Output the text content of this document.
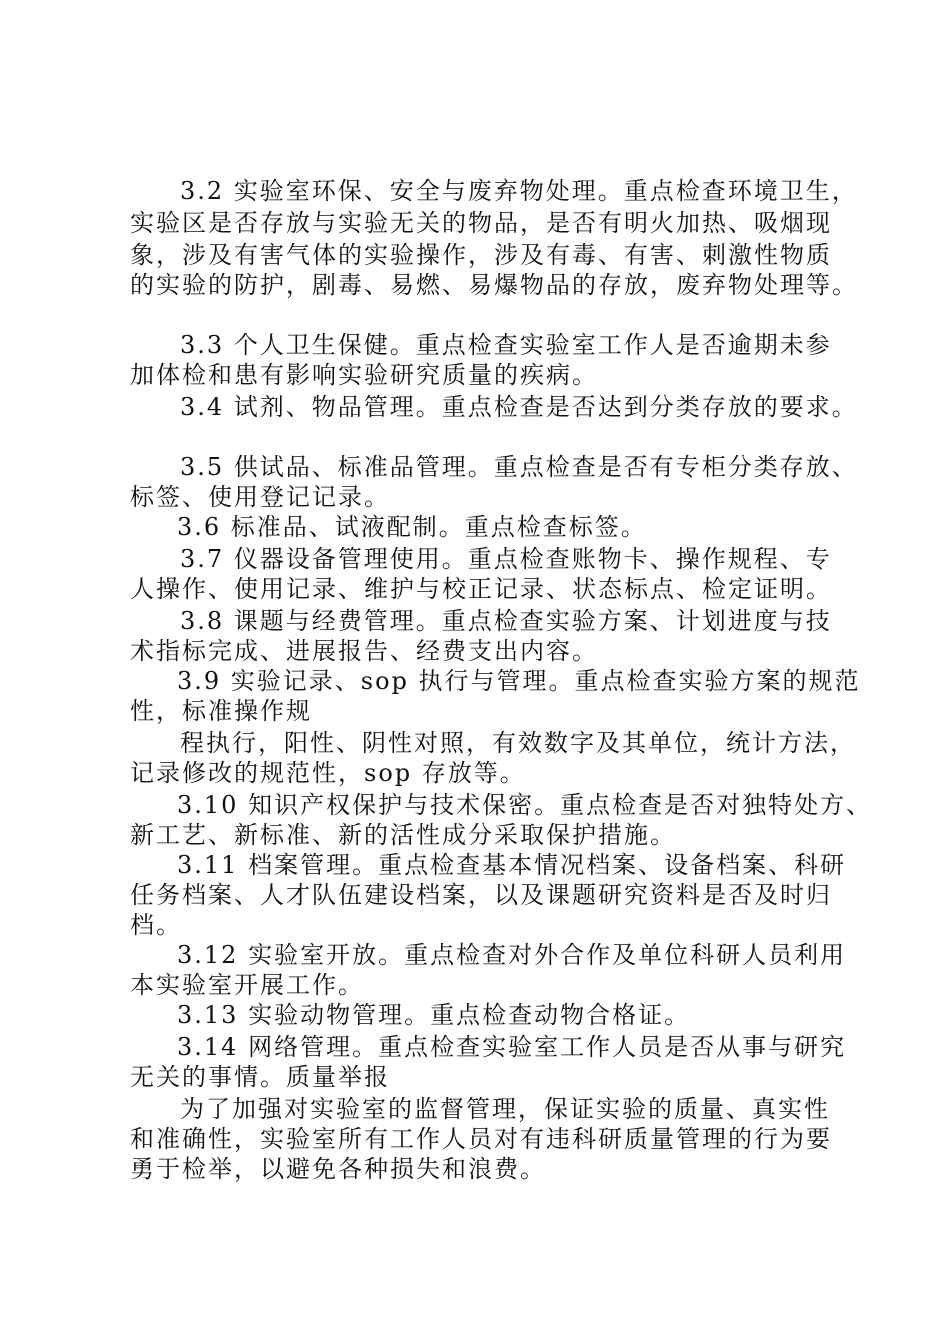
3.2 实验室环保、安全与废弃物处理。重点检查环境卫生，
实验区是否存放与实验无关的物品，是否有明火加热、吸烟现
象，涉及有害气体的实验操作，涉及有毒、有害、刺激性物质
的实验的防护，剧毒、易燃、易爆物品的存放，废弃物处理等。
3.3 个人卫生保健。重点检查实验室工作人是否逾期未参
加体检和患有影响实验研究质量的疾病。
3.4 试剂、物品管理。重点检查是否达到分类存放的要求。
3.5 供试品、标准品管理。重点检查是否有专柜分类存放、
标签、使用登记记录。
3.6 标准品、试液配制。重点检查标签。
3.7 仪器设备管理使用。重点检查账物卡、操作规程、专
人操作、使用记录、维护与校正记录、状态标点、检定证明。
3.8 课题与经费管理。重点检查实验方案、计划进度与技
术指标完成、进展报告、经费支出内容。
3.9 实验记录、sop 执行与管理。重点检查实验方案的规范
性，标准操作规
程执行，阳性、阴性对照，有效数字及其单位，统计方法，
记录修改的规范性，sop 存放等。
3.10 知识产权保护与技术保密。重点检查是否对独特处方、
新工艺、新标准、新的活性成分采取保护措施。
3.11 档案管理。重点检查基本情况档案、设备档案、科研
任务档案、人才队伍建设档案，以及课题研究资料是否及时归
档。
3.12 实验室开放。重点检查对外合作及单位科研人员利用
本实验室开展工作。
3.13 实验动物管理。重点检查动物合格证。
3.14 网络管理。重点检查实验室工作人员是否从事与研究
无关的事情。质量举报
为了加强对实验室的监督管理，保证实验的质量、真实性
和准确性，实验室所有工作人员对有违科研质量管理的行为要
勇于检举，以避免各种损失和浪费。
